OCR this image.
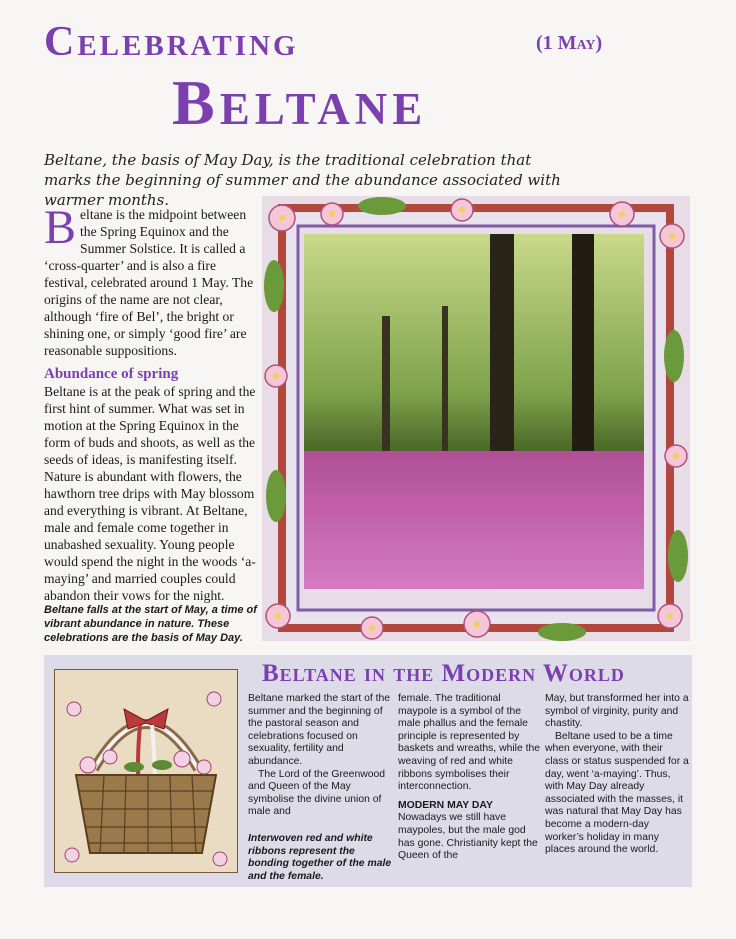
Celebrating	(1 May)
Beltane
Beltane, the basis of May Day, is the traditional celebration that marks the beginning of summer and the abundance associated with warmer months.
B eltane is the midpoint between the Spring Equinox and the Summer Solstice. It is called a ‘cross-quarter’ and is also a fire festival, celebrated around 1 May. The origins of the name are not clear, although ‘fire of Bel’, the bright or shining one, or simply ‘good fire’ are reasonable suppositions.

Abundance of spring

Beltane is at the peak of spring and the first hint of summer. What was set in motion at the Spring Equinox in the form of buds and shoots, as well as the seeds of ideas, is manifesting itself. Nature is abundant with flowers, the hawthorn tree drips with May blossom and everything is vibrant. At Beltane, male and female come together in unabashed sexuality. Young people would spend the night in the woods ‘a-maying’ and married couples could abandon their vows for the night.

Beltane falls at the start of May, a time of vibrant abundance in nature. These celebrations are the basis of May Day.

Beltane in the Modern World

Beltane marked the start of the summer and the beginning of the pastoral season and celebrations focused on sexuality, fertility and abundance.

The Lord of the Greenwood and Queen of the May symbolise the divine union of male and

Interwoven red and white ribbons represent the bonding together of the male and the female.

female. The traditional maypole is a symbol of the male phallus and the female principle is represented by baskets and wreaths, while the weaving of red and white ribbons symbolises their interconnection.

MODERN MAY DAY

Nowadays we still have maypoles, but the male god has gone. Christianity kept the Queen of the

May, but transformed her into a symbol of virginity, purity and chastity.

Beltane used to be a time when everyone, with their class or status suspended for a day, went ‘a-maying’. Thus, with May Day already associated with the masses, it was natural that May Day has become a modern-day worker’s holiday in many places around the world.
